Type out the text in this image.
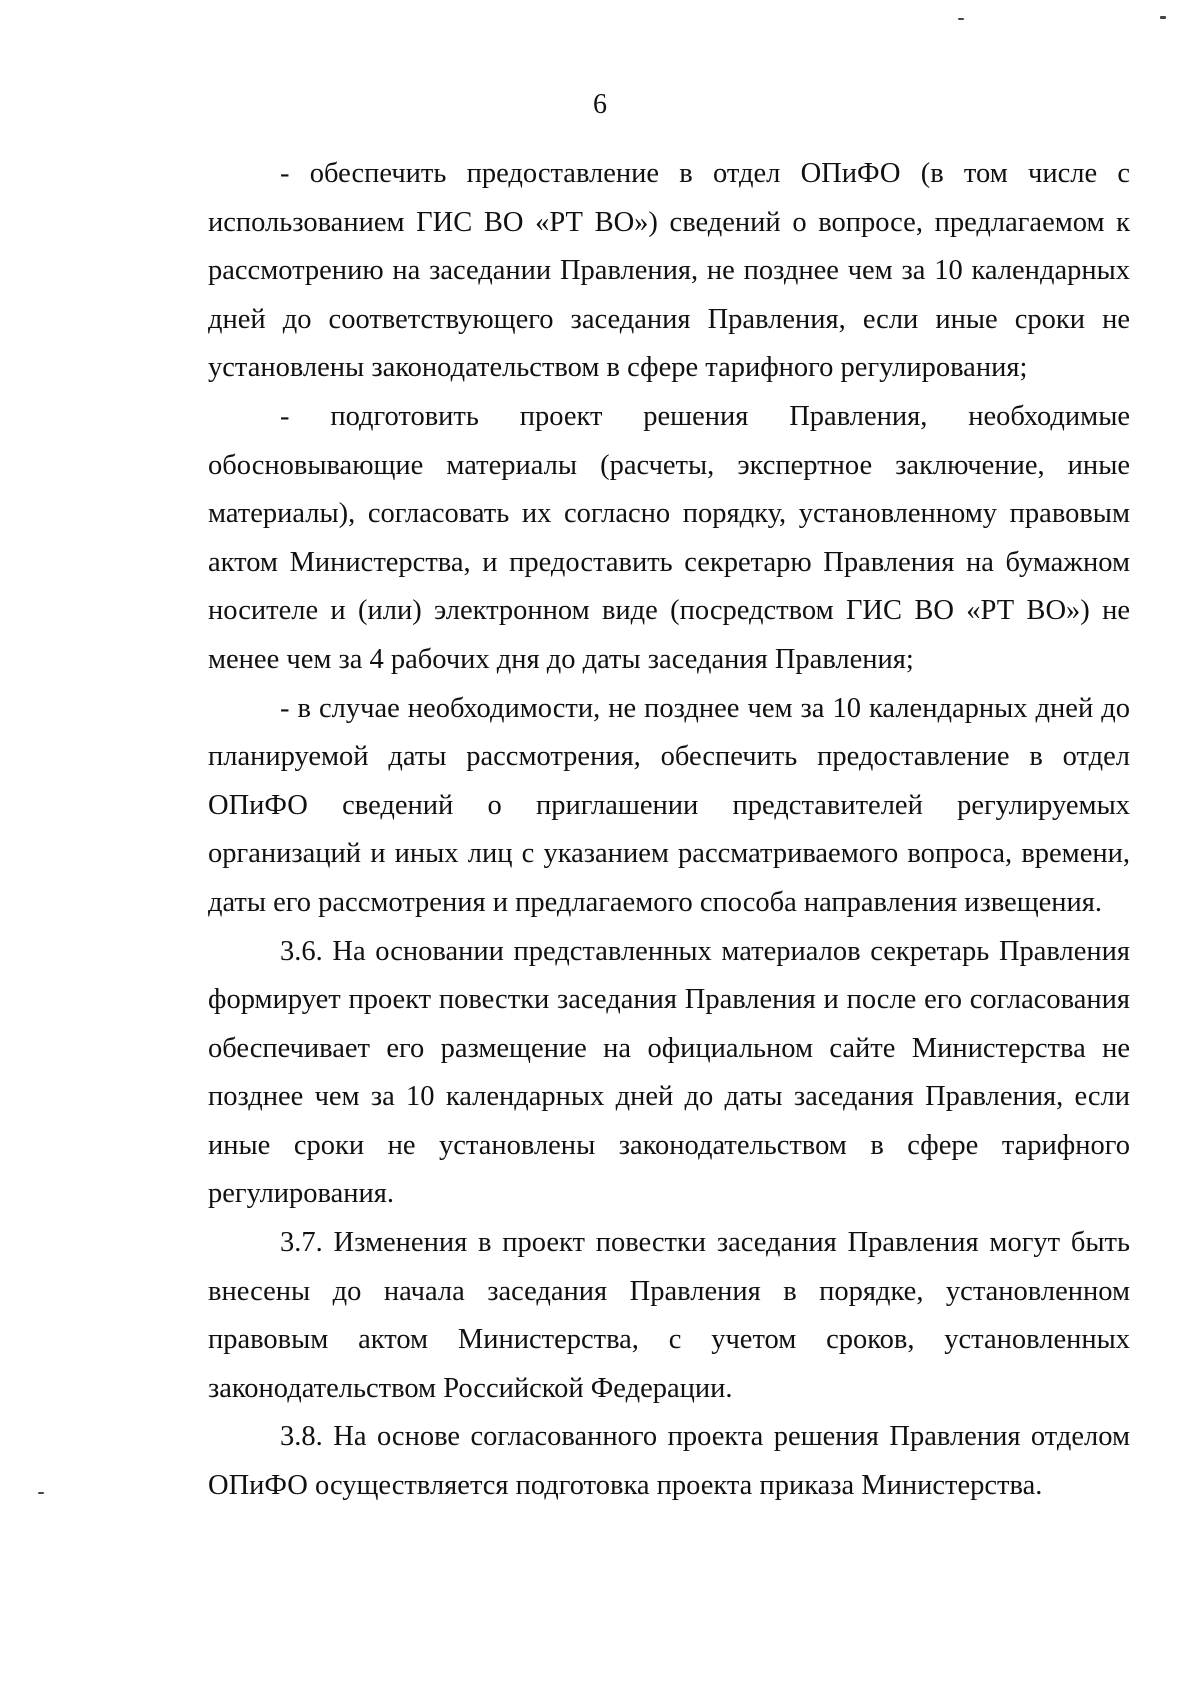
6

- обеспечить предоставление в отдел ОПиФО (в том числе с использованием ГИС ВО «РТ ВО») сведений о вопросе, предлагаемом к рассмотрению на заседании Правления, не позднее чем за 10 календарных дней до соответствующего заседания Правления, если иные сроки не установлены законодательством в сфере тарифного регулирования;

- подготовить проект решения Правления, необходимые обосновывающие материалы (расчеты, экспертное заключение, иные материалы), согласовать их согласно порядку, установленному правовым актом Министерства, и предоставить секретарю Правления на бумажном носителе и (или) электронном виде (посредством ГИС ВО «РТ ВО») не менее чем за 4 рабочих дня до даты заседания Правления;

- в случае необходимости, не позднее чем за 10 календарных дней до планируемой даты рассмотрения, обеспечить предоставление в отдел ОПиФО сведений о приглашении представителей регулируемых организаций и иных лиц с указанием рассматриваемого вопроса, времени, даты его рассмотрения и предлагаемого способа направления извещения.

3.6. На основании представленных материалов секретарь Правления формирует проект повестки заседания Правления и после его согласования обеспечивает его размещение на официальном сайте Министерства не позднее чем за 10 календарных дней до даты заседания Правления, если иные сроки не установлены законодательством в сфере тарифного регулирования.

3.7. Изменения в проект повестки заседания Правления могут быть внесены до начала заседания Правления в порядке, установленном правовым актом Министерства, с учетом сроков, установленных законодательством Российской Федерации.

3.8. На основе согласованного проекта решения Правления отделом ОПиФО осуществляется подготовка проекта приказа Министерства.
